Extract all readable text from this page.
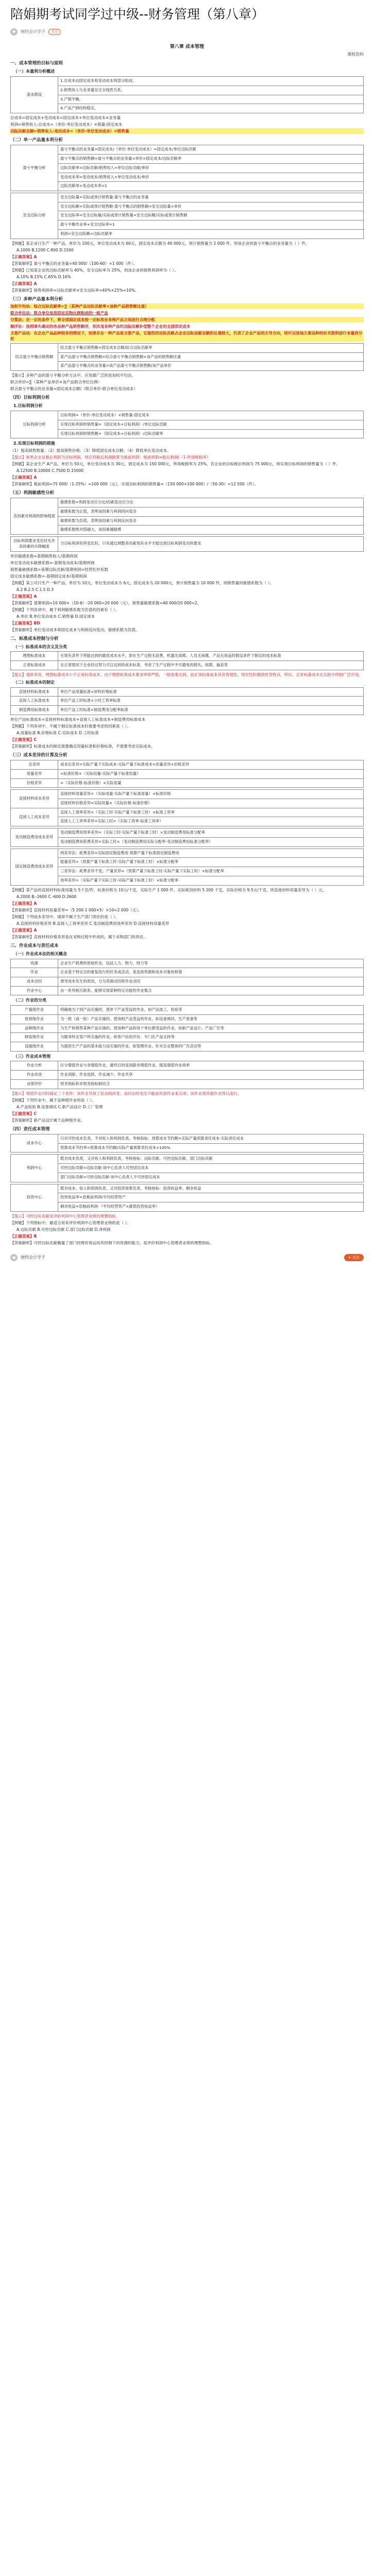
陪娟期考试同学过中级--财务管理（第八章）
●	财经会计学子	关注
第八章 成本管理
课程资料
一、成本管理的目标与原则
（一）本量利分析概述
基本假设	1.总成本由固定成本和变动成本两部分组成。
2.销售收入与业务量呈完全线性关系。
3.产销平衡。
4.产品产销结构稳定。
总成本=固定成本+变动成本=固定成本+单位变动成本×业务量
利润=销售收入-总成本=（单价-单位变动成本）×销量-固定成本
边际贡献总额=销售收入-变动成本=（单价-单位变动成本）×销售量
（二）单一产品量本利分析
盈亏平衡分析	盈亏平衡点的业务量=固定成本/（单价-单位变动成本）=固定成本/单位边际贡献
盈亏平衡点的销售额=盈亏平衡点的业务量×单价=固定成本/边际贡献率
边际贡献率=边际贡献/销售收入=单位边际贡献/单价
变动成本率=变动成本/销售收入=单位变动成本/单价
边际贡献率+变动成本率=1
安全边际分析	安全边际量=实际或预计销售量-盈亏平衡点的业务量
安全边际额=实际或预计销售额-盈亏平衡点的销售额=安全边际量×单价
安全边际率=安全边际量/实际或预计销售量=安全边际额/实际或预计销售额
盈亏平衡作业率+安全边际率=1
利润=安全边际额×边际贡献率
【例题】某企业只生产一种产品，单价为 100元，单位变动成本为 60元，固定成本总额为 40 000元，预计销售量为 2 000 件。则该企业的盈亏平衡点的业务量为（ ）件。
A.1000 B.1200 C.800 D.1500
【正确答案】A
【答案解析】盈亏平衡点的业务量=40 000/（100-60）=1 000（件）。
【例题】已知某企业的边际贡献率为 40%，安全边际率为 25%，则该企业的销售利润率为（ ）。
A.10% B.15% C.65% D.16%
【正确答案】A
【答案解析】销售利润率=边际贡献率×安全边际率=40%×25%=10%。
（三）多种产品量本利分析
加权平均法：综合边际贡献率=∑（某种产品边际贡献率×该种产品销售额比重）
联合单位法：联合单位是指固定实物比例构成的一组产品
分算法：在一定的条件下，将全部固定成本按一定标准在各种产品之间进行合理分配
顺序法：按照事先确定的各品种产品销售顺序，依次用各种产品的边际贡献补偿整个企业的全部固定成本
主要产品法：在企业产品品种较多的情况下，如果存在一种产品是主要产品，它提供的边际贡献占企业边际贡献总额的比重较大，代表了企业产品的主导方向，则可以按该主要品种的有关资料进行本量利分析
综合盈亏平衡点销售额	综合盈亏平衡点销售额=固定成本总额/综合边际贡献率
某产品盈亏平衡点销售额=综合盈亏平衡点销售额×该产品的销售额比重
某产品盈亏平衡点的业务量=该产品盈亏平衡点销售额/该产品单价
【提示】多种产品的盈亏平衡分析方法中，应用最广泛的是加权平均法。
联合单价=∑（某种产品单价×该产品联合单位比例）
联合盈亏平衡点的业务量=固定成本总额/（联合单价-联合单位变动成本）
（四）目标利润分析
1.目标利润分析
目标利润分析	目标利润=（单价-单位变动成本）×销售量-固定成本
实现目标利润的销售量=（固定成本+目标利润）/单位边际贡献
实现目标利润的销售额=（固定成本+目标利润）/边际贡献率
2.实现目标利润的措施
（1）提高销售数量；（2）提高销售价格；（3）降低固定成本总额；（4）降低单位变动成本。
【提示】如果企业以税后利润为目标利润，则应将税后利润换算为税前利润：税前利润=税后利润/（1-所得税税率）
【例题】某企业生产 A产品，单价为 50元，单位变动成本为 30元，固定成本为 150 000元，所得税税率为 25%，若企业的目标税后利润为 75 000元，则实现目标利润的销售量为（ ）件。
A.12500 B.10000 C.7500 D.15000
【正确答案】A
【答案解析】税前利润=75 000/（1-25%）=100 000（元），实现目标利润的销售量=（150 000+100 000）/（50-30）=12 500（件）。
（五）利润敏感性分析
各因素对利润的影响程度	敏感系数=利润变动百分比/因素变动百分比
敏感系数为正值，表明该因素与利润同向变动
敏感系数为负值，表明该因素与利润反向变动
敏感系数绝对值越大，该因素越敏感
目标利润要求变化时允许各因素的升降幅度	当目标利润有所变化时，只有通过调整各因素现有水平才能达到目标利润变动的要求
单价敏感系数=基期销售收入/基期利润
单位变动成本敏感系数=-基期变动成本/基期利润
销售量敏感系数=基期边际贡献/基期利润=经营杠杆系数
固定成本敏感系数=-基期固定成本/基期利润
【例题】某公司只生产一种产品，单价为 10元，单位变动成本为 6元，固定成本为 20 000元，预计销售量为 10 000 件，则销售量的敏感系数为（ ）。
A.2 B.2.5 C.1.5 D.3
【正确答案】A
【答案解析】基期利润=10 000×（10-6）-20 000=20 000（元），销售量敏感系数=40 000/20 000=2。
【例题】下列各项中，属于利润敏感系数为负值的因素有（ ）。
A.单价 B.单位变动成本 C.销售量 D.固定成本
【正确答案】BD
【答案解析】单位变动成本和固定成本与利润反向变动，敏感系数为负值。
二、标准成本控制与分析
（一）标准成本的含义及分类
理想标准成本	在现有条件下所能达到的最优成本水平，即在生产过程无浪费、机器无故障、人员无闲置、产品无废品的假设条件下制定的成本标准
正常标准成本	在正常情况下企业经过努力可以达到的成本标准，考虑了生产过程中不可避免的损失、故障、偏差等
【提示】通常来说，理想标准成本小于正常标准成本。由于理想标准成本要求异常严格，一般很难达到，而正常标准成本具有客观性、现实性和激励性等特点，所以，正常标准成本在实践中得到广泛应用。
（二）标准成本的制定
直接材料标准成本	单位产品用量标准×材料价格标准
直接人工标准成本	单位产品工时标准×小时工资率标准
制造费用标准成本	单位产品工时标准×制造费用分配率标准
单位产品标准成本=直接材料标准成本+直接人工标准成本+制造费用标准成本
【例题】下列各项中，不属于制定标准成本时需要考虑的因素是（ ）。
A.用量标准 B.价格标准 C.实际成本 D.工时标准
【正确答案】C
【答案解析】标准成本的制定需要确定用量标准和价格标准，不需要考虑实际成本。
（三）成本差异的计算及分析
总差异	成本总差异=实际产量下实际成本-实际产量下标准成本=用量差异+价格差异
用量差异	=标准价格×（实际用量-实际产量下标准用量）
价格差异	=（实际价格-标准价格）×实际用量
直接材料成本差异	直接材料用量差异=（实际用量-实际产量下标准用量）×标准价格
	直接材料价格差异=实际用量×（实际价格-标准价格）
直接人工成本差异	直接人工效率差异=（实际工时-实际产量下标准工时）×标准工资率
	直接人工工资率差异=实际工时×（实际工资率-标准工资率）
变动制造费用成本差异	变动制造费用效率差异=（实际工时-实际产量下标准工时）×变动制造费用标准分配率
变动制造费用耗费差异=实际工时×（变动制造费用实际分配率-变动制造费用标准分配率）
固定制造费用成本差异	两差异法：耗费差异=实际固定制造费用-预算产量下标准固定制造费用
能量差异=（预算产量下标准工时-实际产量下标准工时）×标准分配率
三差异法：耗费差异不变；产量差异=（预算产量下标准工时-实际产量下实际工时）×标准分配率
效率差异=（实际产量下实际工时-实际产量下标准工时）×标准分配率
【例题】某产品的直接材料标准用量为 5千克/件，标准价格为 10元/千克，实际生产 1 000 件，实际耗用材料 5 200 千克，实际价格为 9.5元/千克，则直接材料用量差异为（ ）元。
A.2000 B.-2600 C.-600 D.2600
【正确答案】A
【答案解析】直接材料用量差异=（5 200-1 000×5）×10=2 000（元）。
【例题】下列成本差异中，通常不属于生产部门责任的是（ ）。
A.直接材料价格差异 B.直接人工效率差异 C.变动制造费用效率差异 D.直接材料用量差异
【正确答案】A
【答案解析】直接材料价格差异是在采购过程中形成的，属于采购部门的责任。
三、作业成本与责任成本
（一）作业成本法的相关概念
资源	企业生产耗费的原始形态，包括人力、物力、财力等
作业	企业基于特定目的重复执行的任务或活动，是连接资源和成本对象的桥梁
成本动因	诱导成本发生的原因，分为资源动因和作业动因
作业中心	由一系列相互联系、能够实现某种特定功能的作业集合
（二）作业的分类
产量级作业	明确地为个别产品实施的、使单个产品受益的作业，如产品加工、检验等
批别级作业	为一组（或一批）产品实施的、使该组产品受益的作业，如设备调试、生产准备等
品种级作业	为生产和销售某种产品实施的、使该种产品的每个单位都受益的作业，如新产品设计、产品广告等
顾客级作业	为服务特定客户所实施的作业，如客户信用评价、专门化产品支持等
设施级作业	为提供生产产品的基本能力而实施的作业，如管理作业、针对企业整体的广告活动等
（三）作业成本管理
作业分析	区分增值作业与非增值作业，最终目的是消除非增值作业、提高增值作业效率
作业改进	作业消除、作业选择、作业减少、作业共享
业绩评价	财务指标和非财务指标相结合
【提示】增值作业同时满足三个条件：该作业导致了状态的改变；该状态的变化不能由其他作业来完成；该作业使其他作业得以进行。
【例题】下列作业中，属于品种级作业的是（ ）。
A.产品检验 B.设备调试 C.新产品设计 D.工厂管理
【正确答案】C
【答案解析】新产品设计属于品种级作业。
（四）责任成本管理
成本中心	只对可控成本负责，不对收入和利润负责。考核指标：预算成本节约额=实际产量预算责任成本-实际责任成本
预算成本节约率=预算成本节约额/实际产量预算责任成本×100%
利润中心	既对成本负责，又对收入和利润负责。考核指标：边际贡献、可控边际贡献、部门边际贡献
可控边际贡献=边际贡献-该中心负责人可控固定成本
部门边际贡献=可控边际贡献-该中心负责人不可控固定成本
投资中心	既对成本、收入和利润负责，又对投资效果负责。考核指标：投资收益率、剩余收益
投资收益率=息税前利润/平均经营资产
剩余收益=息税前利润-（平均经营资产×最低投资收益率）
【提示】可控边际贡献是评价利润中心管理者业绩的理想指标。
【例题】下列指标中，最适合用来评价利润中心管理者业绩的是（ ）。
A.边际贡献 B.可控边际贡献 C.部门边际贡献 D.净利润
【正确答案】B
【答案解析】可控边际贡献衡量了部门经理有效运用其控制下的资源的能力，是评价利润中心管理者业绩的理想指标。
●	财经会计学子	+ 关注
